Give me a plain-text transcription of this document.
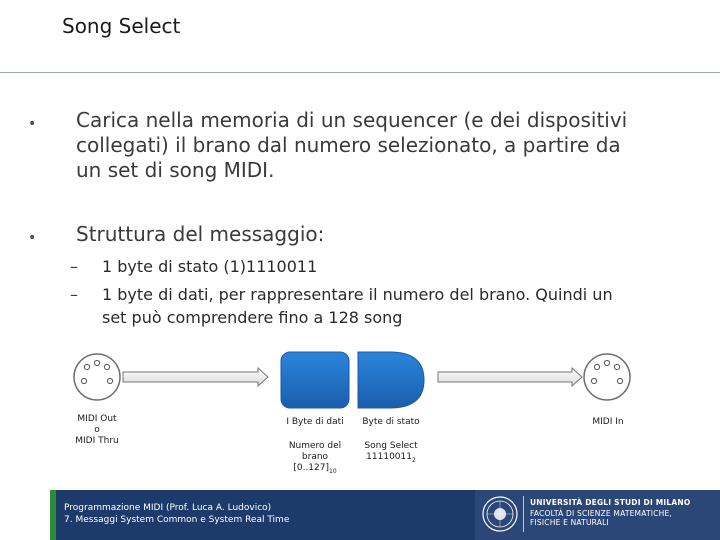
Song Select
• Carica nella memoria di un sequencer (e dei dispositivi
collegati) il brano dal numero selezionato, a partire da
un set di song MIDI.
• Struttura del messaggio:
– 1 byte di stato (1)1110011
– 1 byte di dati, per rappresentare il numero del brano. Quindi un
set può comprendere fino a 128 song
MIDI Out
o
MIDI Thru
I Byte di dati	Byte di stato	MIDI In
Numero del
brano
$[0..127]_{10}$
Song Select
$11110011_2$
Programmazione MIDI (Prof. Luca A. Ludovico)
7. Messaggi System Common e System Real Time
UNIVERSITÀ DEGLI STUDI DI MILANO
FACOLTÀ DI SCIENZE MATEMATICHE,
FISICHE E NATURALI
